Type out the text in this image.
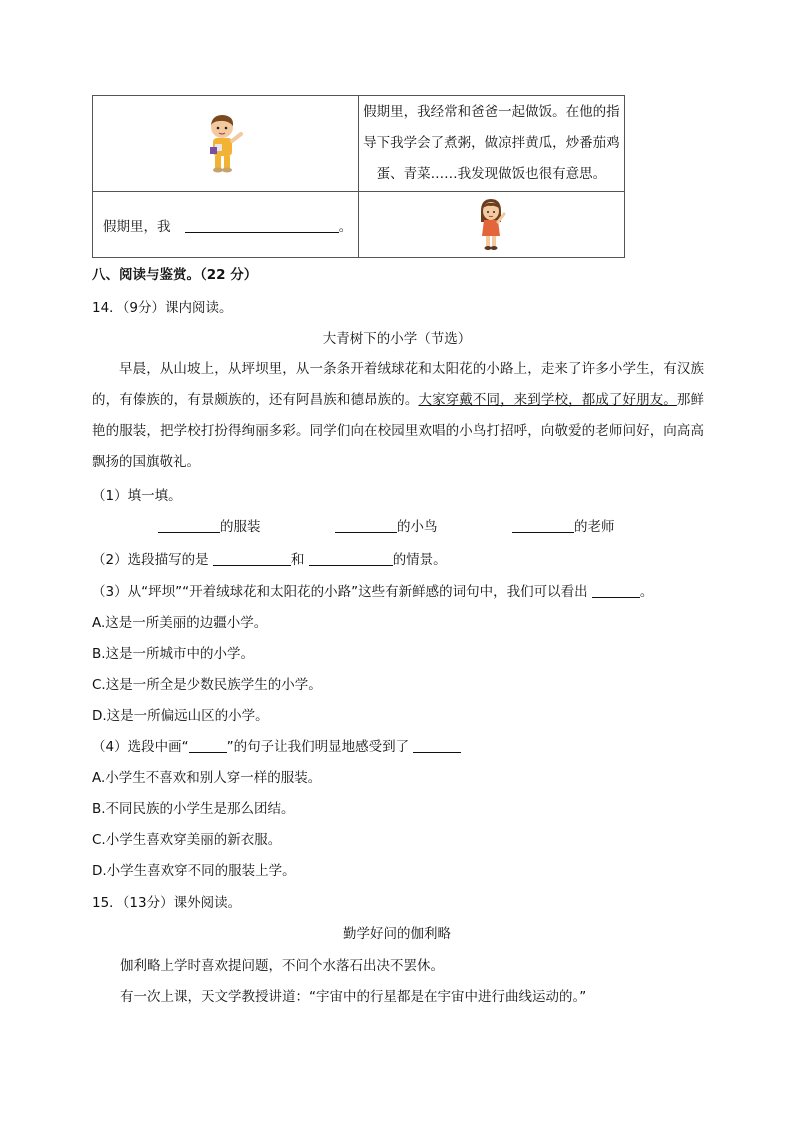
假期里，我经常和爸爸一起做饭。在他的指导下我学会了煮粥，做凉拌黄瓜，炒番茄鸡蛋、青菜……我发现做饭也很有意思。

假期里，我 。

八、阅读与鉴赏。（22 分）
14．（9分）课内阅读。
大青树下的小学（节选）
早晨，从山坡上，从坪坝里，从一条条开着绒球花和太阳花的小路上，走来了许多小学生，有汉族的，有傣族的，有景颇族的，还有阿昌族和德昂族的。大家穿戴不同，来到学校，都成了好朋友。那鲜艳的服装，把学校打扮得绚丽多彩。同学们向在校园里欢唱的小鸟打招呼，向敬爱的老师问好，向高高飘扬的国旗敬礼。
（1）填一填。
的服装	的小鸟	的老师
（2）选段描写的是	和	的情景。
（3）从“坪坝”“开着绒球花和太阳花的小路”这些有新鲜感的词句中，我们可以看出	。
A.这是一所美丽的边疆小学。
B.这是一所城市中的小学。
C.这是一所全是少数民族学生的小学。
D.这是一所偏远山区的小学。
（4）选段中画“	”的句子让我们明显地感受到了
A.小学生不喜欢和别人穿一样的服装。
B.不同民族的小学生是那么团结。
C.小学生喜欢穿美丽的新衣服。
D.小学生喜欢穿不同的服装上学。
15．（13分）课外阅读。
勤学好问的伽利略
伽利略上学时喜欢提问题，不问个水落石出决不罢休。
有一次上课，天文学教授讲道：“宇宙中的行星都是在宇宙中进行曲线运动的。”
